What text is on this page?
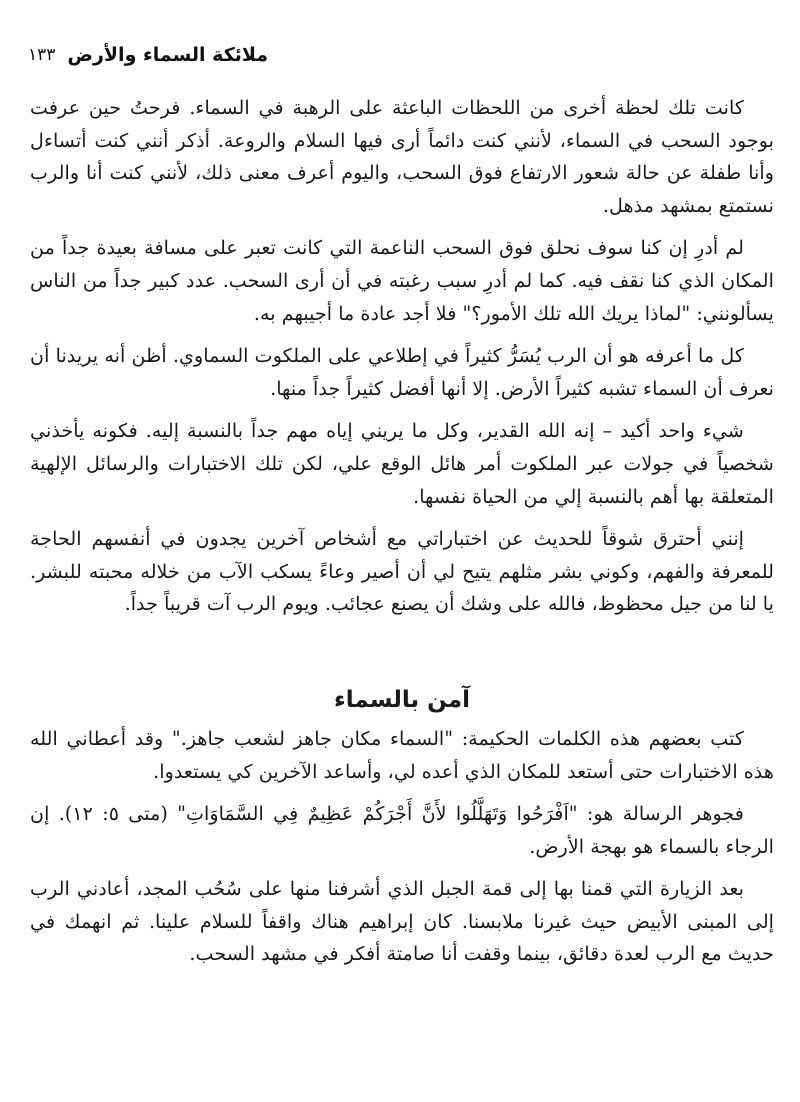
ملائكة السماء والأرض
١٣٣

كانت تلك لحظة أخرى من اللحظات الباعثة على الرهبة في السماء. فرحتُ حين عرفت بوجود السحب في السماء، لأنني كنت دائماً أرى فيها السلام والروعة. أذكر أنني كنت أتساءل وأنا طفلة عن حالة شعور الارتفاع فوق السحب، واليوم أعرف معنى ذلك، لأنني كنت أنا والرب نستمتع بمشهد مذهل.

لم أدرِ إن كنا سوف نحلق فوق السحب الناعمة التي كانت تعبر على مسافة بعيدة جداً من المكان الذي كنا نقف فيه. كما لم أدرِ سبب رغبته في أن أرى السحب. عدد كبير جداً من الناس يسألونني: "لماذا يريك الله تلك الأمور؟" فلا أجد عادة ما أجيبهم به.

كل ما أعرفه هو أن الرب يُسَرُّ كثيراً في إطلاعي على الملكوت السماوي. أظن أنه يريدنا أن نعرف أن السماء تشبه كثيراً الأرض. إلا أنها أفضل كثيراً جداً منها.

شيء واحد أكيد – إنه الله القدير، وكل ما يريني إياه مهم جداً بالنسبة إليه. فكونه يأخذني شخصياً في جولات عبر الملكوت أمر هائل الوقع علي، لكن تلك الاختبارات والرسائل الإلهية المتعلقة بها أهم بالنسبة إلي من الحياة نفسها.

إنني أحترق شوقاً للحديث عن اختباراتي مع أشخاص آخرين يجدون في أنفسهم الحاجة للمعرفة والفهم، وكوني بشر مثلهم يتيح لي أن أصير وعاءً يسكب الآب من خلاله محبته للبشر. يا لنا من جيل محظوظ، فالله على وشك أن يصنع عجائب. ويوم الرب آت قريباً جداً.

آمن بالسماء

كتب بعضهم هذه الكلمات الحكيمة: "السماء مكان جاهز لشعب جاهز." وقد أعطاني الله هذه الاختبارات حتى أستعد للمكان الذي أعده لي، وأساعد الآخرين كي يستعدوا.

فجوهر الرسالة هو: "اَفْرَحُوا وَتَهَلَّلُوا لأَنَّ أَجْرَكُمْ عَظِيمٌ فِي السَّمَاوَاتِ" (متى ٥: ١٢). إن الرجاء بالسماء هو بهجة الأرض.

بعد الزيارة التي قمنا بها إلى قمة الجبل الذي أشرفنا منها على سُحُب المجد، أعادني الرب إلى المبنى الأبيض حيث غيرنا ملابسنا. كان إبراهيم هناك واقفاً للسلام علينا. ثم انهمك في حديث مع الرب لعدة دقائق، بينما وقفت أنا صامتة أفكر في مشهد السحب.
